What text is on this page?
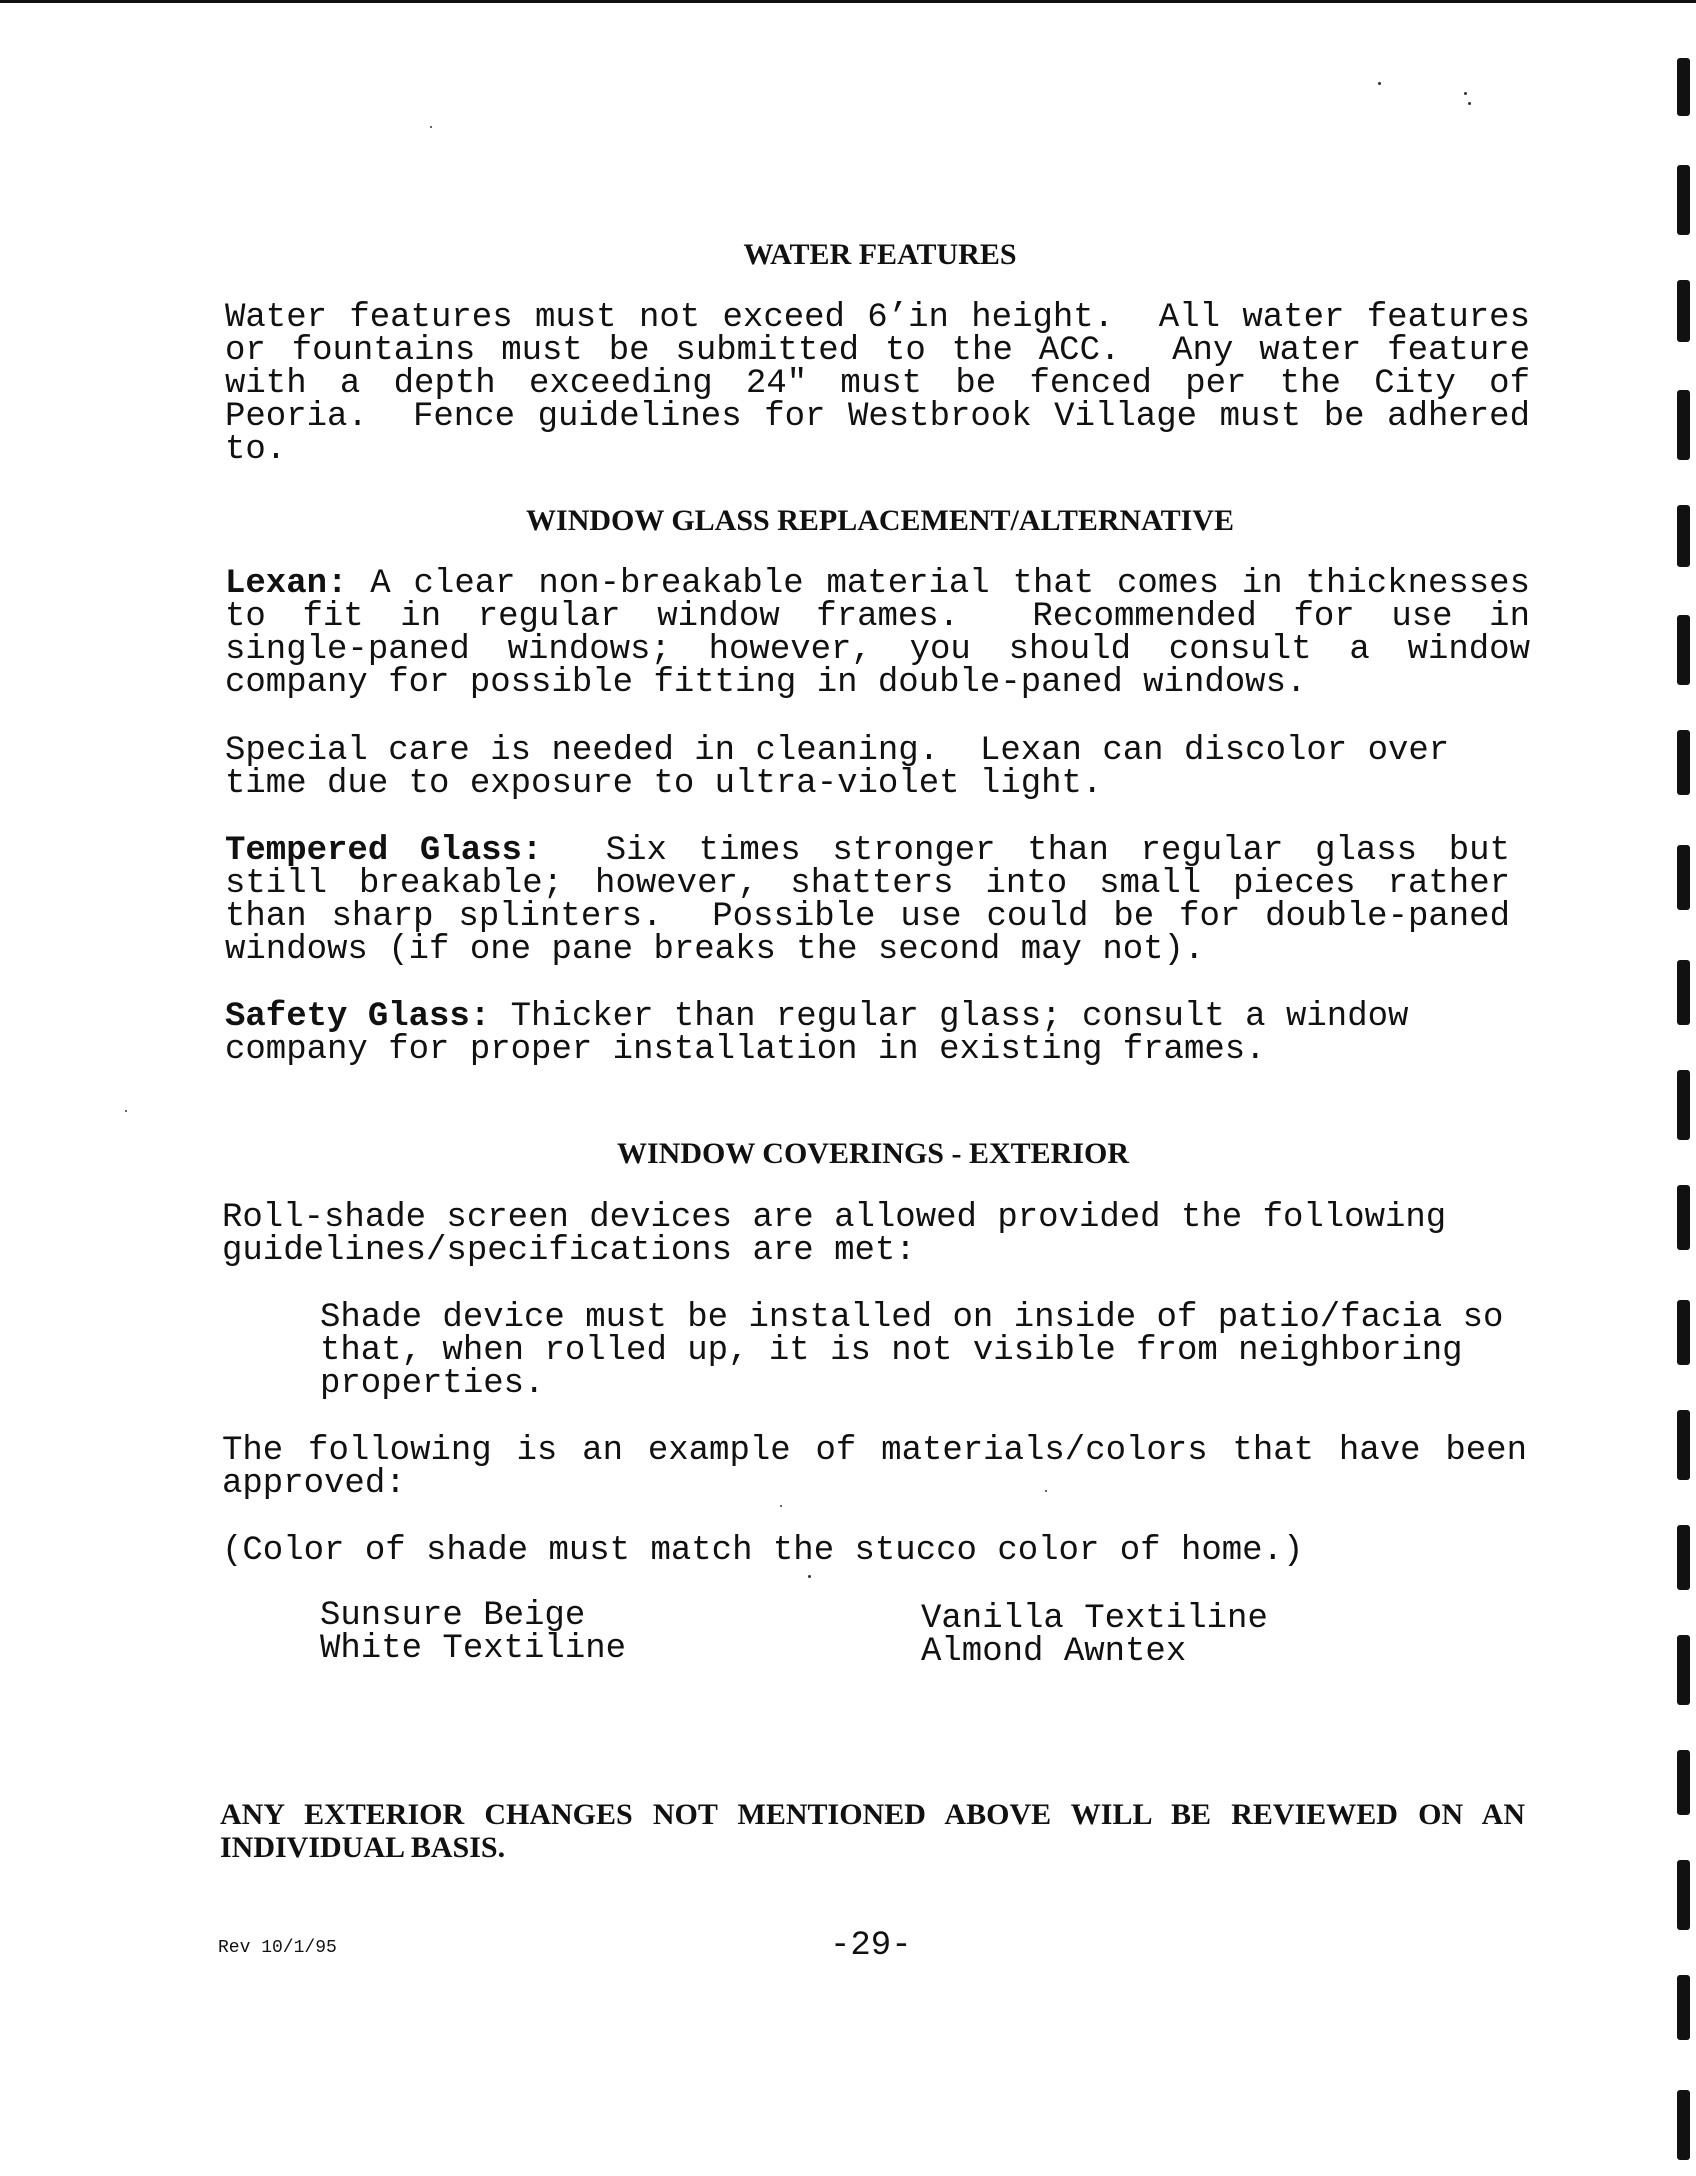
WATER FEATURES
Water features must not exceed 6’in height.  All water features or fountains must be submitted to the ACC.  Any water feature with a depth exceeding 24" must be fenced per the City of Peoria.  Fence guidelines for Westbrook Village must be adhered to.
WINDOW GLASS REPLACEMENT/ALTERNATIVE
Lexan: A clear non-breakable material that comes in thicknesses to fit in regular window frames.  Recommended for use in single-paned windows; however, you should consult a window company for possible fitting in double-paned windows.
Special care is needed in cleaning.  Lexan can discolor over time due to exposure to ultra-violet light.
Tempered Glass:  Six times stronger than regular glass but still breakable; however, shatters into small pieces rather than sharp splinters.  Possible use could be for double-paned windows (if one pane breaks the second may not).
Safety Glass: Thicker than regular glass; consult a window company for proper installation in existing frames.
WINDOW COVERINGS - EXTERIOR
Roll-shade screen devices are allowed provided the following guidelines/specifications are met:
Shade device must be installed on inside of patio/facia so that, when rolled up, it is not visible from neighboring properties.
The following is an example of materials/colors that have been approved:
(Color of shade must match the stucco color of home.)
Sunsure Beige
White Textiline
Vanilla Textiline
Almond Awntex
ANY EXTERIOR CHANGES NOT MENTIONED ABOVE WILL BE REVIEWED ON AN INDIVIDUAL BASIS.
Rev 10/1/95	-29-
